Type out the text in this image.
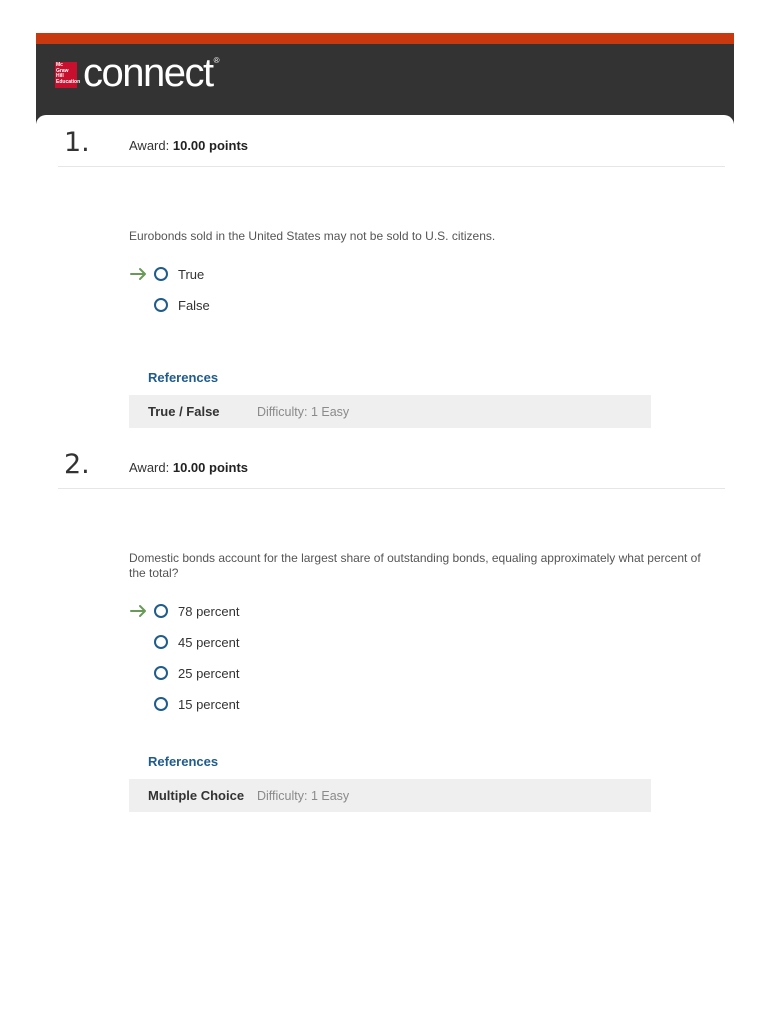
Mc
Graw
Hill
Education connect ®
1.	Award: 10.00 points
Eurobonds sold in the United States may not be sold to U.S. citizens.
True
False
References
True / False	Difficulty: 1 Easy
2.	Award: 10.00 points
Domestic bonds account for the largest share of outstanding bonds, equaling approximately what percent of the total?
78 percent
45 percent
25 percent
15 percent
References
Multiple Choice Difficulty: 1 Easy
